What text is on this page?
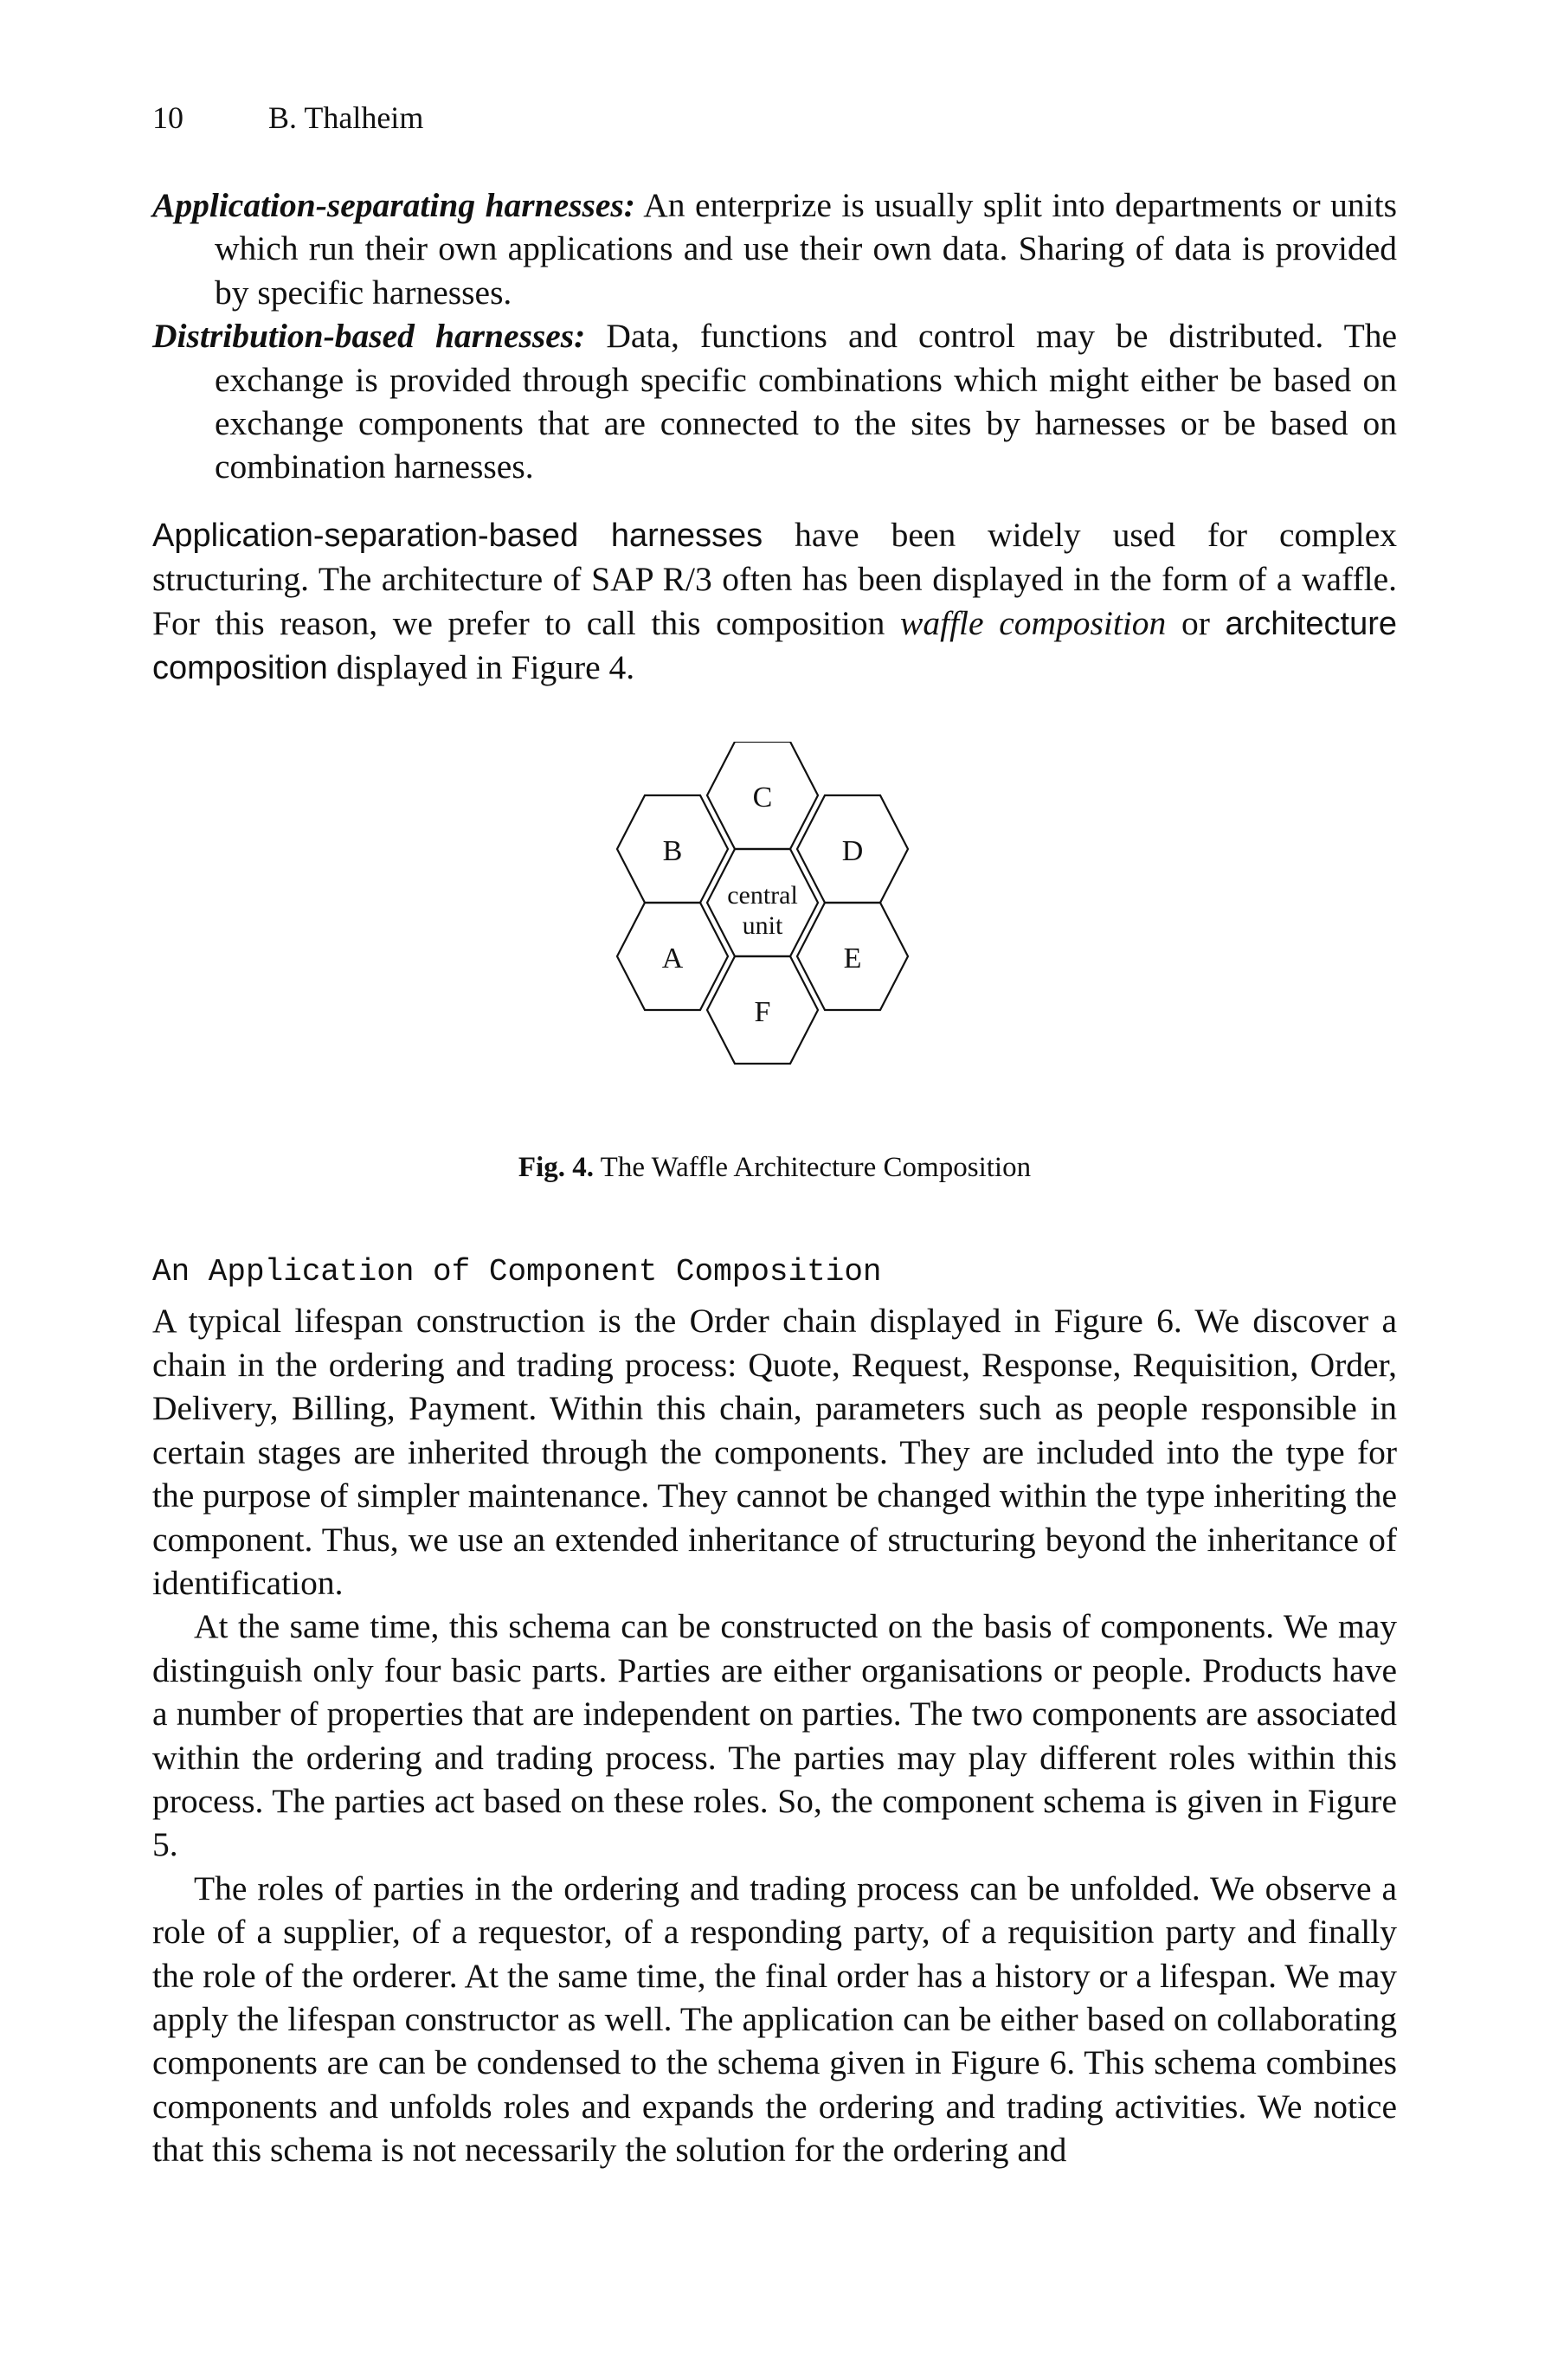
10	B. Thalheim

Application-separating harnesses: An enterprize is usually split into departments or units which run their own applications and use their own data. Sharing of data is provided by specific harnesses.

Distribution-based harnesses: Data, functions and control may be distributed. The exchange is provided through specific combinations which might either be based on exchange components that are connected to the sites by harnesses or be based on combination harnesses.

Application-separation-based harnesses have been widely used for complex structuring. The architecture of SAP R/3 often has been displayed in the form of a waffle. For this reason, we prefer to call this composition waffle composition or architecture composition displayed in Figure 4.

C
B	D
central
unit
A	E
F
Fig. 4. The Waffle Architecture Composition
An Application of Component Composition

A typical lifespan construction is the Order chain displayed in Figure 6. We discover a chain in the ordering and trading process: Quote, Request, Response, Requisition, Order, Delivery, Billing, Payment. Within this chain, parameters such as people responsible in certain stages are inherited through the components. They are included into the type for the purpose of simpler maintenance. They cannot be changed within the type inheriting the component. Thus, we use an extended inheritance of structuring beyond the inheritance of identification.

At the same time, this schema can be constructed on the basis of components. We may distinguish only four basic parts. Parties are either organisations or people. Products have a number of properties that are independent on parties. The two components are associated within the ordering and trading process. The parties may play different roles within this process. The parties act based on these roles. So, the component schema is given in Figure 5.

The roles of parties in the ordering and trading process can be unfolded. We observe a role of a supplier, of a requestor, of a responding party, of a requisition party and finally the role of the orderer. At the same time, the final order has a history or a lifespan. We may apply the lifespan constructor as well. The application can be either based on collaborating components are can be condensed to the schema given in Figure 6. This schema combines components and unfolds roles and expands the ordering and trading activities. We notice that this schema is not necessarily the solution for the ordering and
